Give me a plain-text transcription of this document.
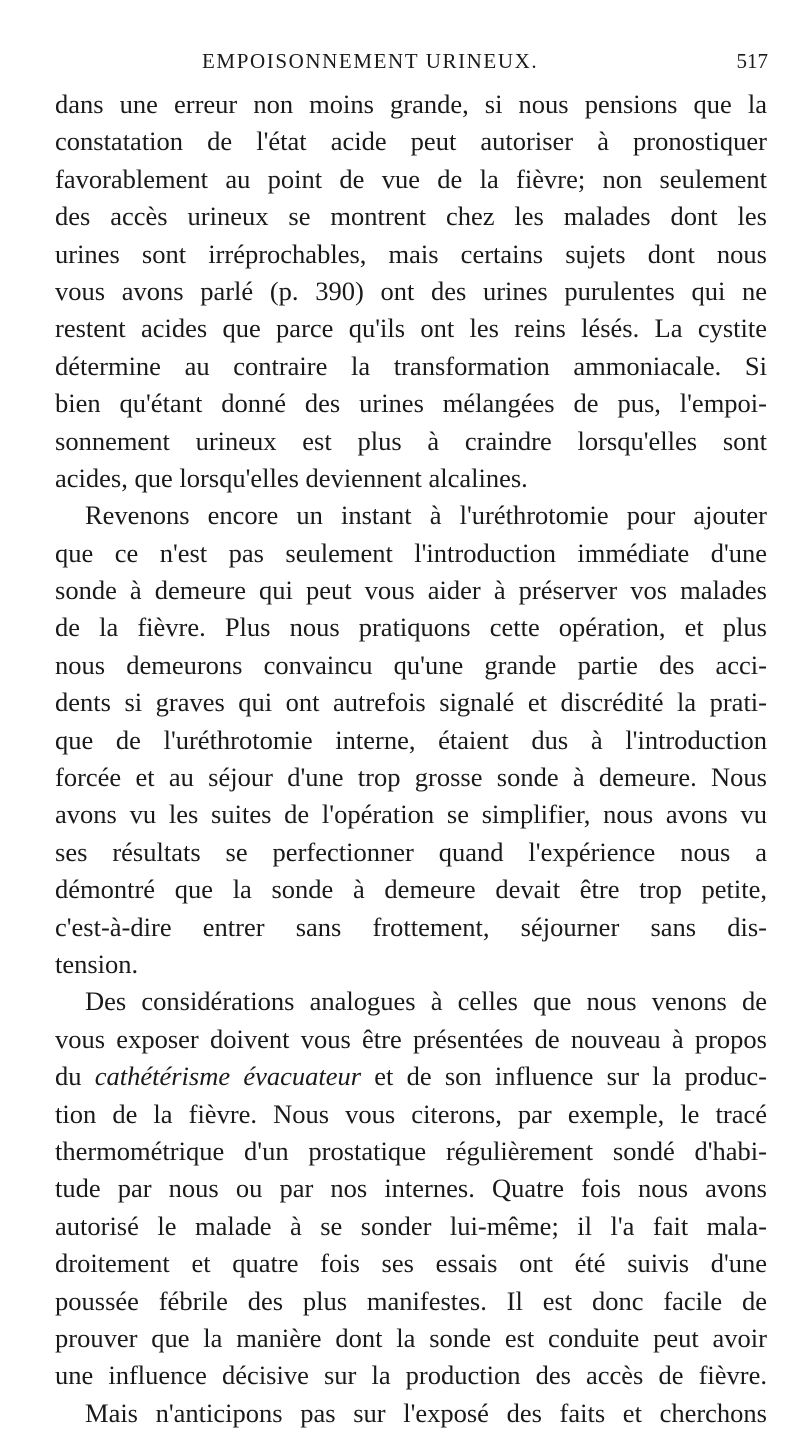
EMPOISONNEMENT URINEUX.	517
dans une erreur non moins grande, si nous pensions que la
constatation de l'état acide peut autoriser à pronostiquer
favorablement au point de vue de la fièvre; non seulement
des accès urineux se montrent chez les malades dont les
urines sont irréprochables, mais certains sujets dont nous
vous avons parlé (p. 390) ont des urines purulentes qui ne
restent acides que parce qu'ils ont les reins lésés. La cystite
détermine au contraire la transformation ammoniacale. Si
bien qu'étant donné des urines mélangées de pus, l'empoi-
sonnement urineux est plus à craindre lorsqu'elles sont
acides, que lorsqu'elles deviennent alcalines.
Revenons encore un instant à l'uréthrotomie pour ajouter
que ce n'est pas seulement l'introduction immédiate d'une
sonde à demeure qui peut vous aider à préserver vos malades
de la fièvre. Plus nous pratiquons cette opération, et plus
nous demeurons convaincu qu'une grande partie des acci-
dents si graves qui ont autrefois signalé et discrédité la prati-
que de l'uréthrotomie interne, étaient dus à l'introduction
forcée et au séjour d'une trop grosse sonde à demeure. Nous
avons vu les suites de l'opération se simplifier, nous avons vu
ses résultats se perfectionner quand l'expérience nous a
démontré que la sonde à demeure devait être trop petite,
c'est-à-dire entrer sans frottement, séjourner sans dis-
tension.
Des considérations analogues à celles que nous venons de
vous exposer doivent vous être présentées de nouveau à propos
du cathétérisme évacuateur et de son influence sur la produc-
tion de la fièvre. Nous vous citerons, par exemple, le tracé
thermométrique d'un prostatique régulièrement sondé d'habi-
tude par nous ou par nos internes. Quatre fois nous avons
autorisé le malade à se sonder lui-même; il l'a fait mala-
droitement et quatre fois ses essais ont été suivis d'une
poussée fébrile des plus manifestes. Il est donc facile de
prouver que la manière dont la sonde est conduite peut avoir
une influence décisive sur la production des accès de fièvre.
Mais n'anticipons pas sur l'exposé des faits et cherchons
